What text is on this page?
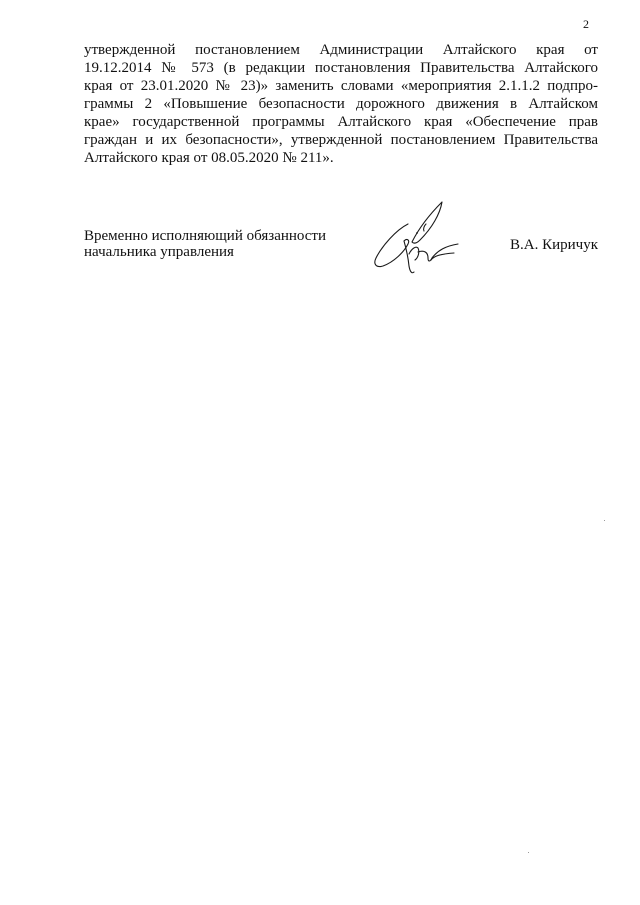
2
утвержденной постановлением Администрации Алтайского края от
19.12.2014 № 573 (в редакции постановления Правительства Алтайского
края от 23.01.2020 № 23)» заменить словами «мероприятия 2.1.1.2 подпро-
граммы 2 «Повышение безопасности дорожного движения в Алтайском
крае» государственной программы Алтайского края «Обеспечение прав
граждан и их безопасности», утвержденной постановлением Правительства
Алтайского края от 08.05.2020 № 211».
Временно исполняющий обязанности
начальника управления	В.А. Киричук
